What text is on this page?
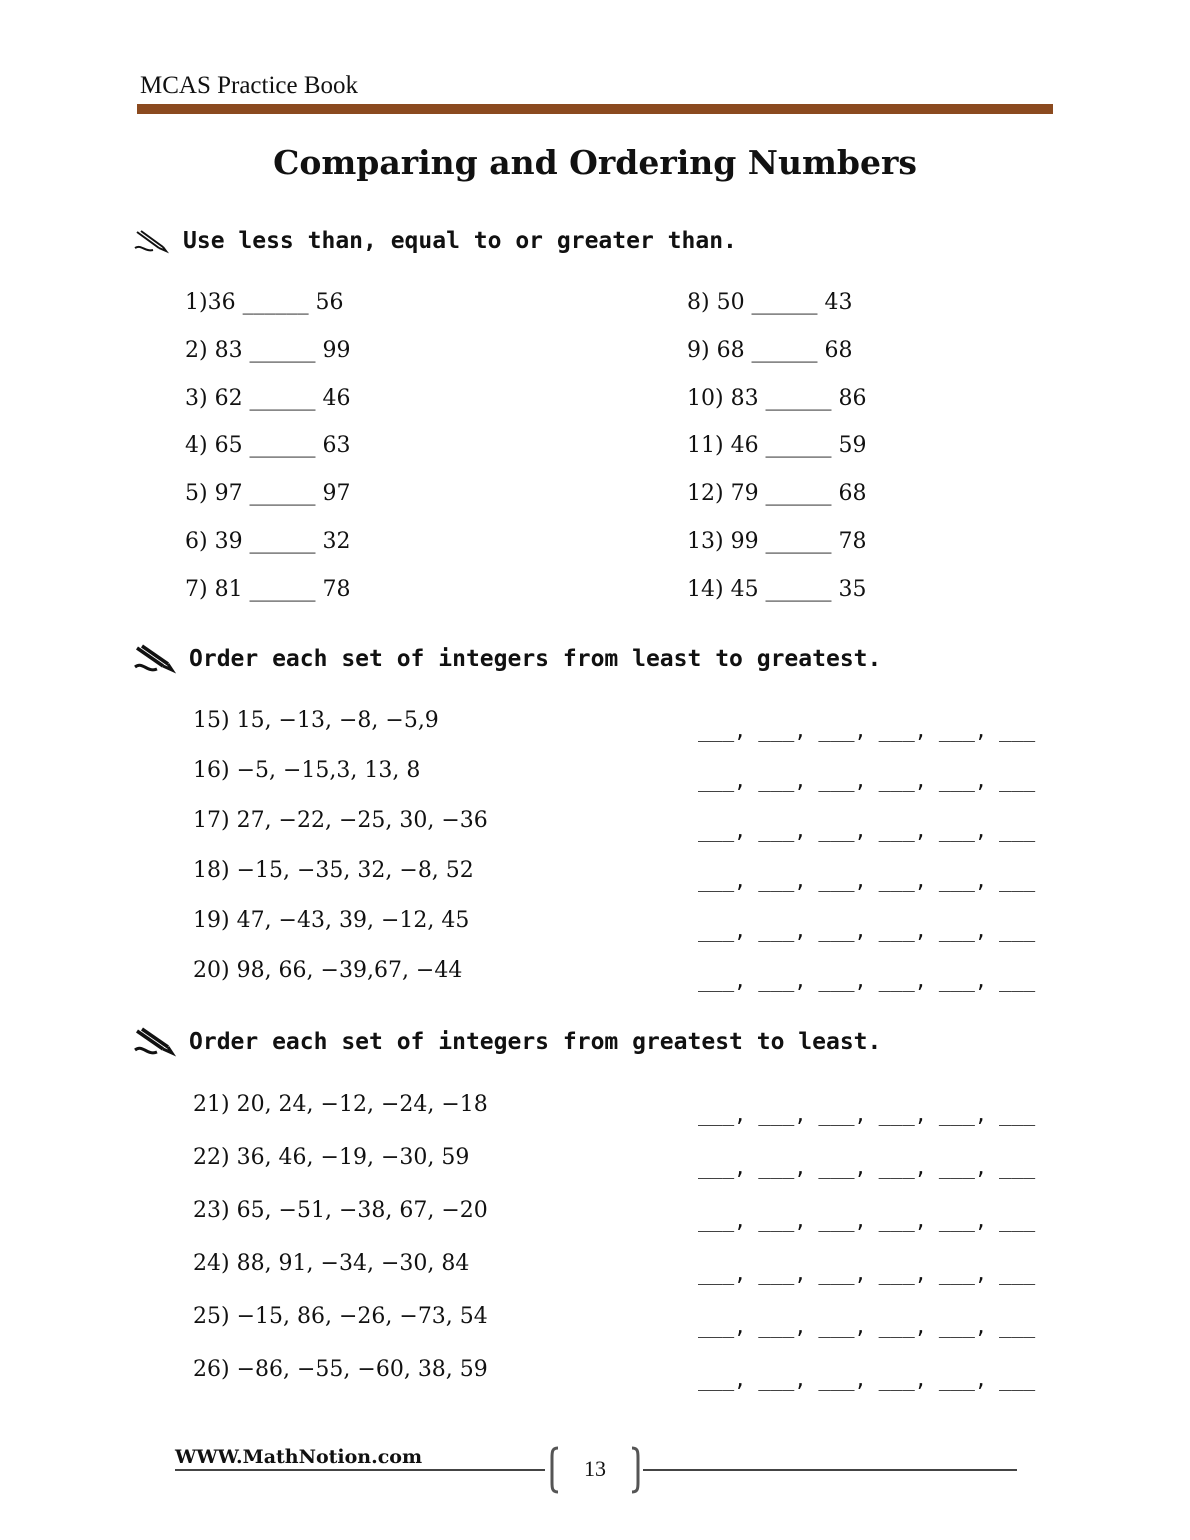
MCAS Practice Book
Comparing and Ordering Numbers
Use less than, equal to or greater than.
1)36 ______ 56
2) 83 ______ 99
3) 62 ______ 46
4) 65 ______ 63
5) 97 ______ 97
6) 39 ______ 32
7) 81 ______ 78
8) 50 ______ 43
9) 68 ______ 68
10) 83 ______ 86
11) 46 ______ 59
12) 79 ______ 68
13) 99 ______ 78
14) 45 ______ 35
Order each set of integers from least to greatest.
15) 15, −13, −8, −5,9
16) −5, −15,3, 13, 8
17) 27, −22, −25, 30, −36
18) −15, −35, 32, −8, 52
19) 47, −43, 39, −12, 45
20) 98, 66, −39,67, −44
___, ___, ___, ___, ___, ___
___, ___, ___, ___, ___, ___
___, ___, ___, ___, ___, ___
___, ___, ___, ___, ___, ___
___, ___, ___, ___, ___, ___
___, ___, ___, ___, ___, ___
Order each set of integers from greatest to least.
21) 20, 24, −12, −24, −18
22) 36, 46, −19, −30, 59
23) 65, −51, −38, 67, −20
24) 88, 91, −34, −30, 84
25) −15, 86, −26, −73, 54
26) −86, −55, −60, 38, 59
___, ___, ___, ___, ___, ___
___, ___, ___, ___, ___, ___
___, ___, ___, ___, ___, ___
___, ___, ___, ___, ___, ___
___, ___, ___, ___, ___, ___
___, ___, ___, ___, ___, ___
WWW.MathNotion.com	13
